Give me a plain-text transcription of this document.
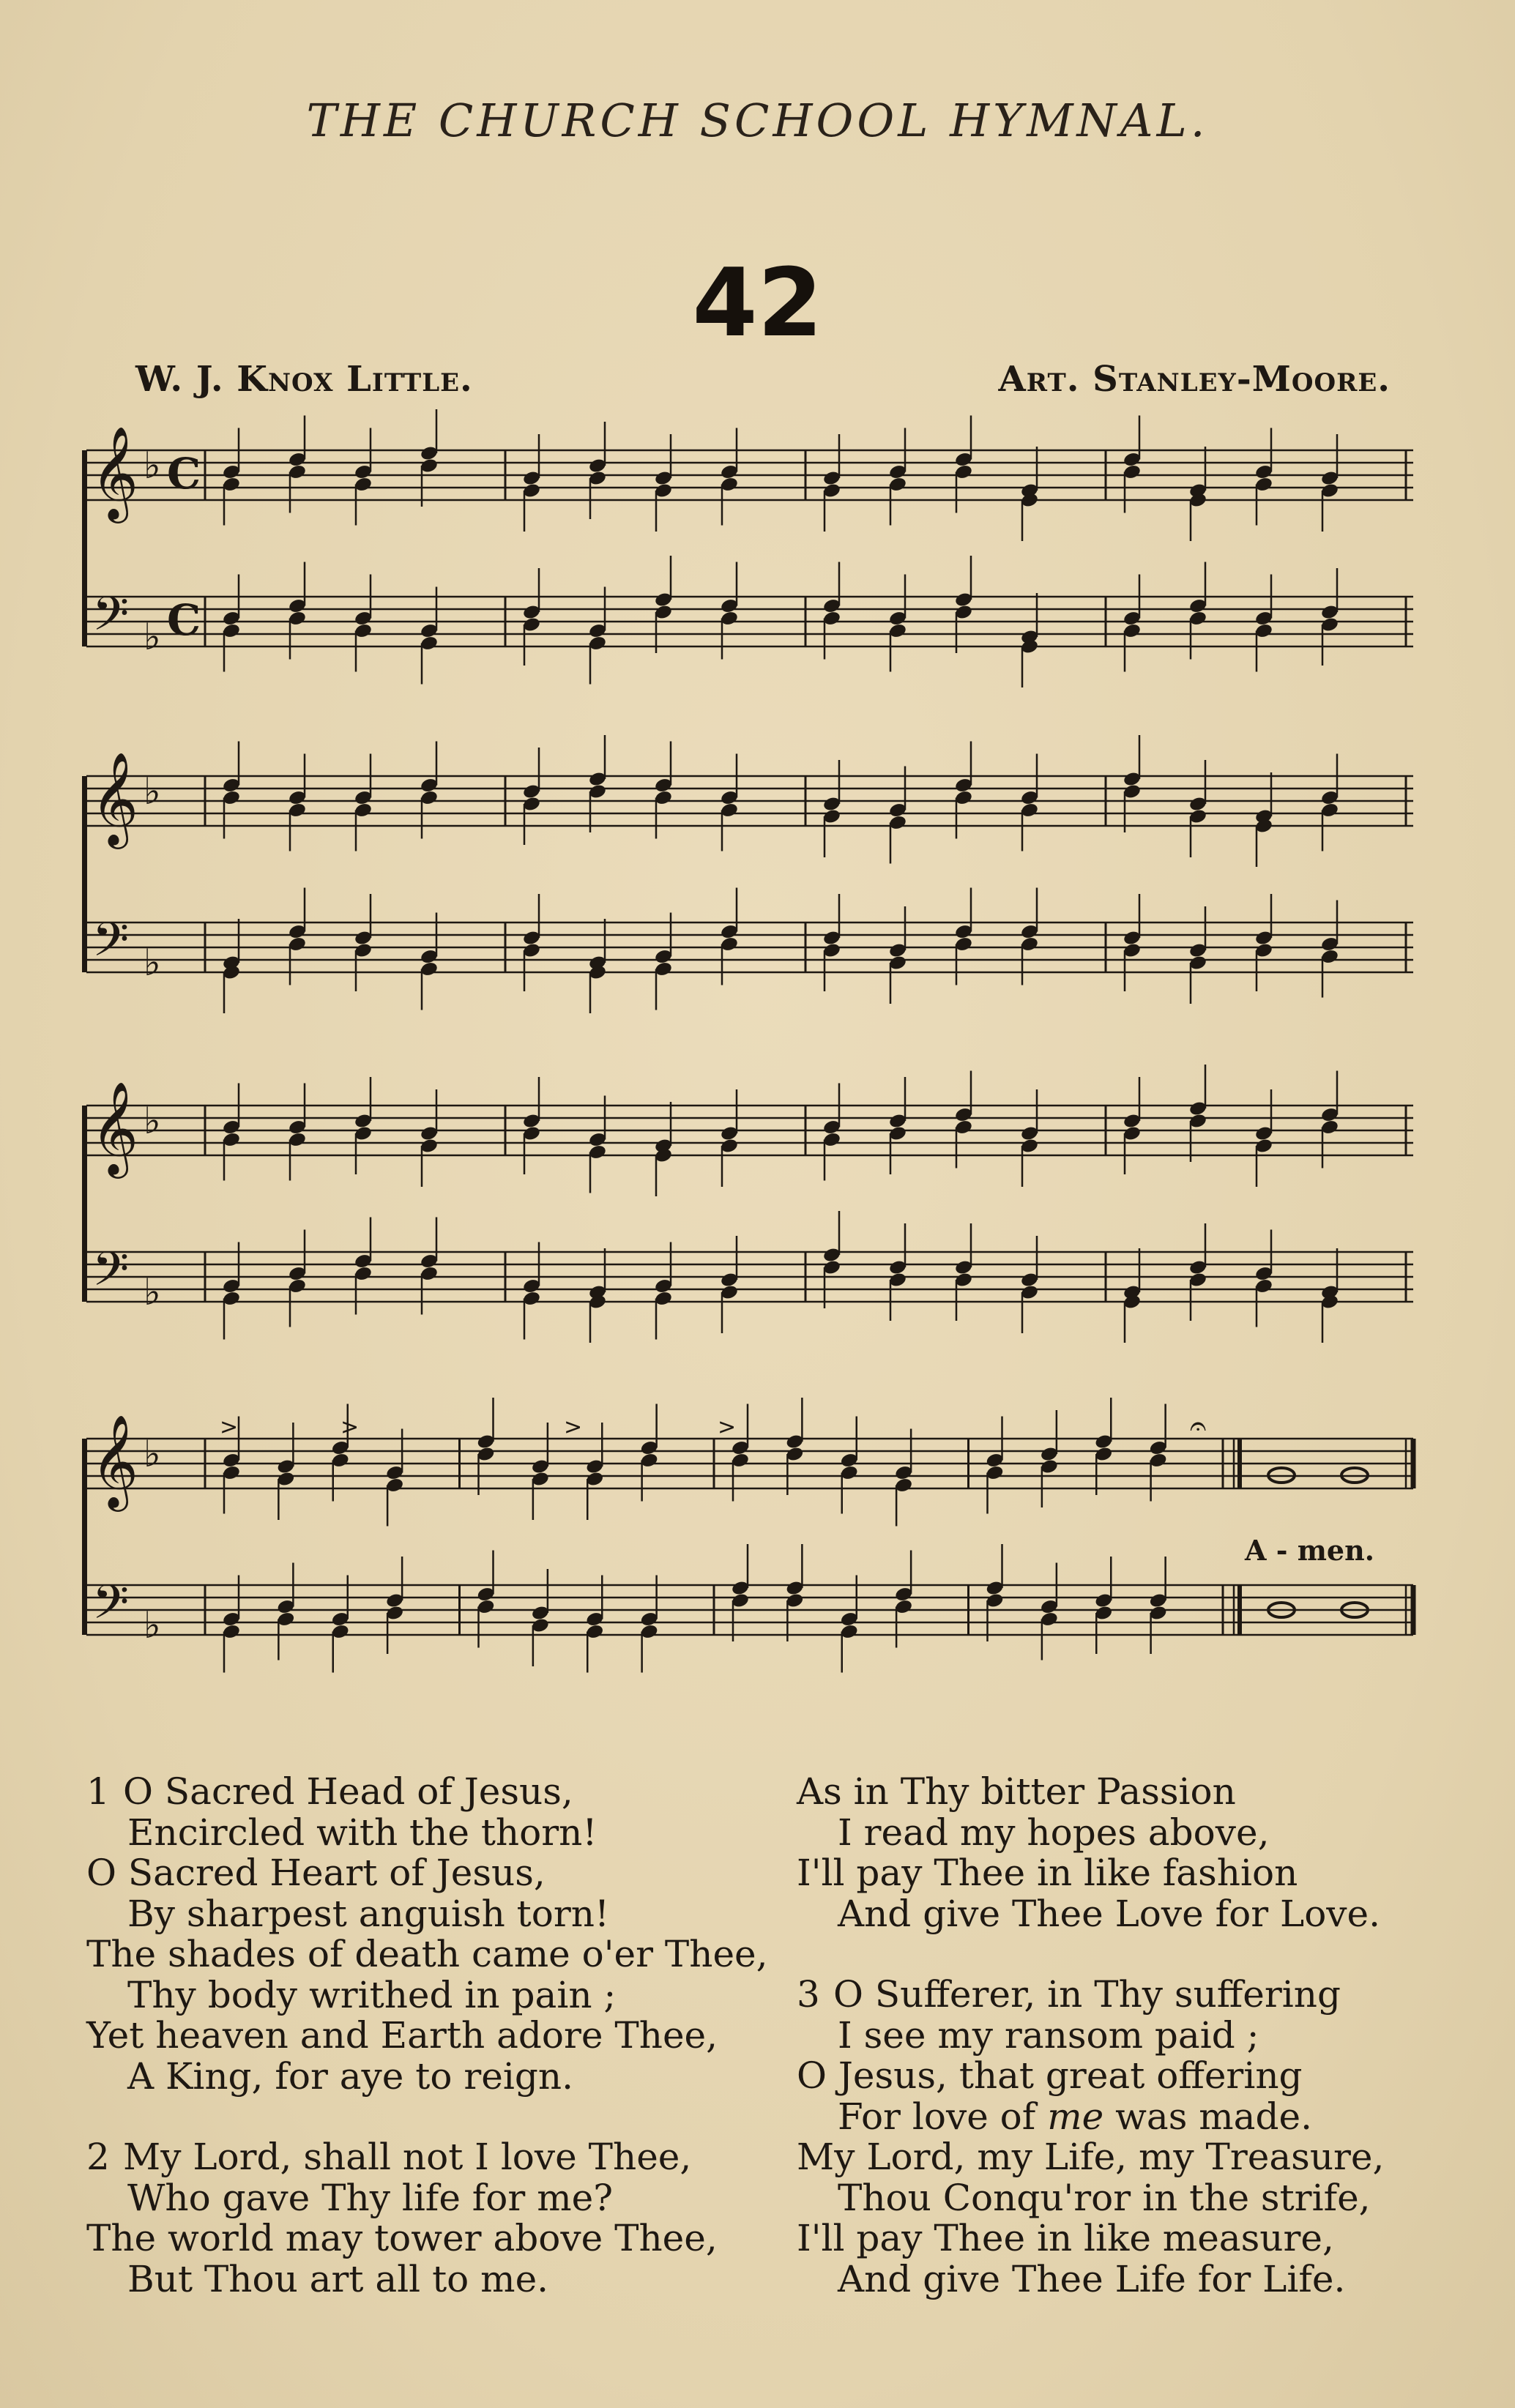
THE CHURCH SCHOOL HYMNAL.
42
W. J. Knox Little.	Art. Stanley-Moore.
𝄞
𝄢
♭
♭
C
C
𝄞
𝄢
♭
♭
𝄞
𝄢
♭
♭
𝄞
𝄢
♭
♭
𝄐
>	>	>	>
A - men.
1 O Sacred Head of Jesus,
Encircled with the thorn!
O Sacred Heart of Jesus,
By sharpest anguish torn!
The shades of death came o'er Thee,
Thy body writhed in pain ;
Yet heaven and Earth adore Thee,
A King, for aye to reign.
2 My Lord, shall not I love Thee,
Who gave Thy life for me?
The world may tower above Thee,
But Thou art all to me.
As in Thy bitter Passion
I read my hopes above,
I'll pay Thee in like fashion
And give Thee Love for Love.
3 O Sufferer, in Thy suffering
I see my ransom paid ;
O Jesus, that great offering
For love of me was made.
My Lord, my Life, my Treasure,
Thou Conqu'ror in the strife,
I'll pay Thee in like measure,
And give Thee Life for Life.
